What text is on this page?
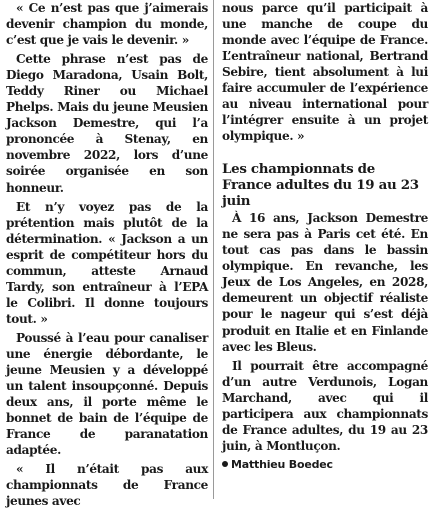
« Ce n’est pas que j’aimerais devenir champion du monde, c’est que je vais le devenir. »

Cette phrase n’est pas de Diego Maradona, Usain Bolt, Teddy Riner ou Michael Phelps. Mais du jeune Meusien Jackson Demestre, qui l’a prononcée à Stenay, en novembre 2022, lors d’une soirée organisée en son honneur.

Et n’y voyez pas de la prétention mais plutôt de la détermination. « Jackson a un esprit de compétiteur hors du commun, atteste Arnaud Tardy, son entraîneur à l’EPA le Colibri. Il donne toujours tout. »

Poussé à l’eau pour canaliser une énergie débordante, le jeune Meusien y a développé un talent insoupçonné. Depuis deux ans, il porte même le bonnet de bain de l’équipe de France de paranatation adaptée.

« Il n’était pas aux championnats de France jeunes avec

nous parce qu’il participait à une manche de coupe du monde avec l’équipe de France. L’entraîneur national, Bertrand Sebire, tient absolument à lui faire accumuler de l’expérience au niveau international pour l’intégrer ensuite à un projet olympique. »

Les championnats de France adultes du 19 au 23 juin

À 16 ans, Jackson Demestre ne sera pas à Paris cet été. En tout cas pas dans le bassin olympique. En revanche, les Jeux de Los Angeles, en 2028, demeurent un objectif réaliste pour le nageur qui s’est déjà produit en Italie et en Finlande avec les Bleus.

Il pourrait être accompagné d’un autre Verdunois, Logan Marchand, avec qui il participera aux championnats de France adultes, du 19 au 23 juin, à Montluçon.

Matthieu Boedec
